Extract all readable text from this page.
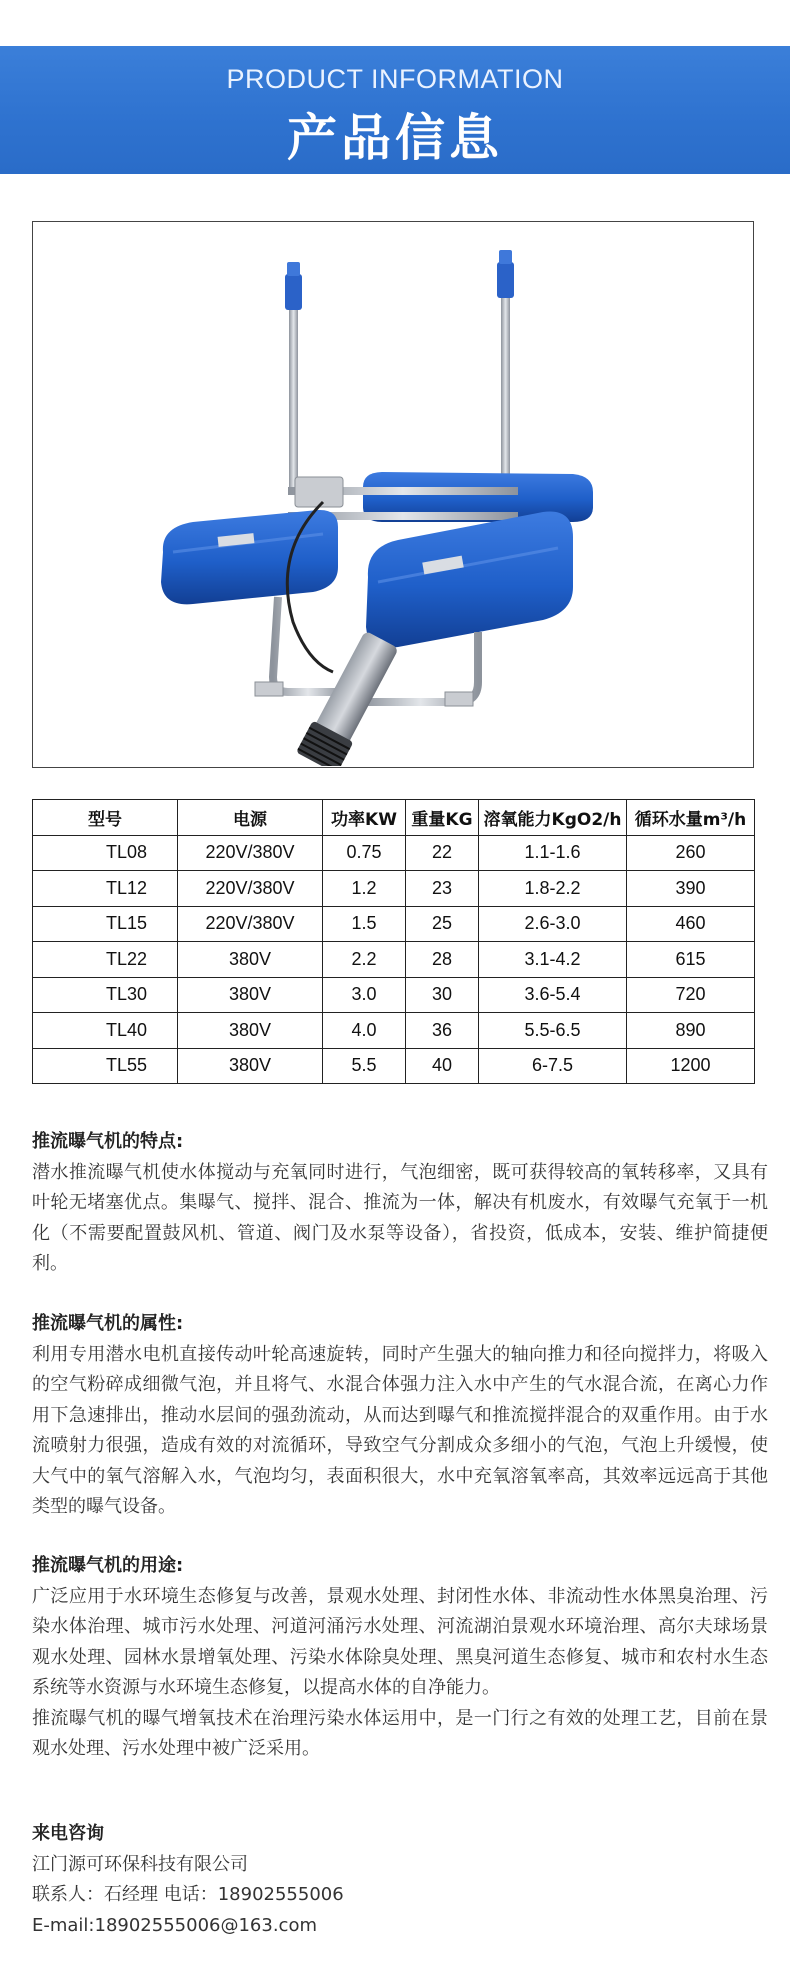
PRODUCT INFORMATION
产品信息
型号	电源	功率KW	重量KG	溶氧能力KgO2/h	循环水量m³/h
TL08	220V/380V	0.75	22	1.1-1.6	260
TL12	220V/380V	1.2	23	1.8-2.2	390
TL15	220V/380V	1.5	25	2.6-3.0	460
TL22	380V	2.2	28	3.1-4.2	615
TL30	380V	3.0	30	3.6-5.4	720
TL40	380V	4.0	36	5.5-6.5	890
TL55	380V	5.5	40	6-7.5	1200
推流曝气机的特点:
潜水推流曝气机使水体搅动与充氧同时进行，气泡细密，既可获得较高的氧转移率，又具有叶轮无堵塞优点。集曝气、搅拌、混合、推流为一体，解决有机废水，有效曝气充氧于一机化（不需要配置鼓风机、管道、阀门及水泵等设备），省投资，低成本，安装、维护简捷便利。
推流曝气机的属性:
利用专用潜水电机直接传动叶轮高速旋转，同时产生强大的轴向推力和径向搅拌力，将吸入的空气粉碎成细微气泡，并且将气、水混合体强力注入水中产生的气水混合流，在离心力作用下急速排出，推动水层间的强劲流动，从而达到曝气和推流搅拌混合的双重作用。由于水流喷射力很强，造成有效的对流循环，导致空气分割成众多细小的气泡，气泡上升缓慢，使大气中的氧气溶解入水，气泡均匀，表面积很大，水中充氧溶氧率高，其效率远远高于其他类型的曝气设备。
推流曝气机的用途:
广泛应用于水环境生态修复与改善，景观水处理、封闭性水体、非流动性水体黑臭治理、污染水体治理、城市污水处理、河道河涌污水处理、河流湖泊景观水环境治理、高尔夫球场景观水处理、园林水景增氧处理、污染水体除臭处理、黑臭河道生态修复、城市和农村水生态系统等水资源与水环境生态修复，以提高水体的自净能力。
推流曝气机的曝气增氧技术在治理污染水体运用中，是一门行之有效的处理工艺，目前在景观水处理、污水处理中被广泛采用。
来电咨询
江门源可环保科技有限公司
联系人：石经理 电话：18902555006
E-mail:18902555006@163.com
